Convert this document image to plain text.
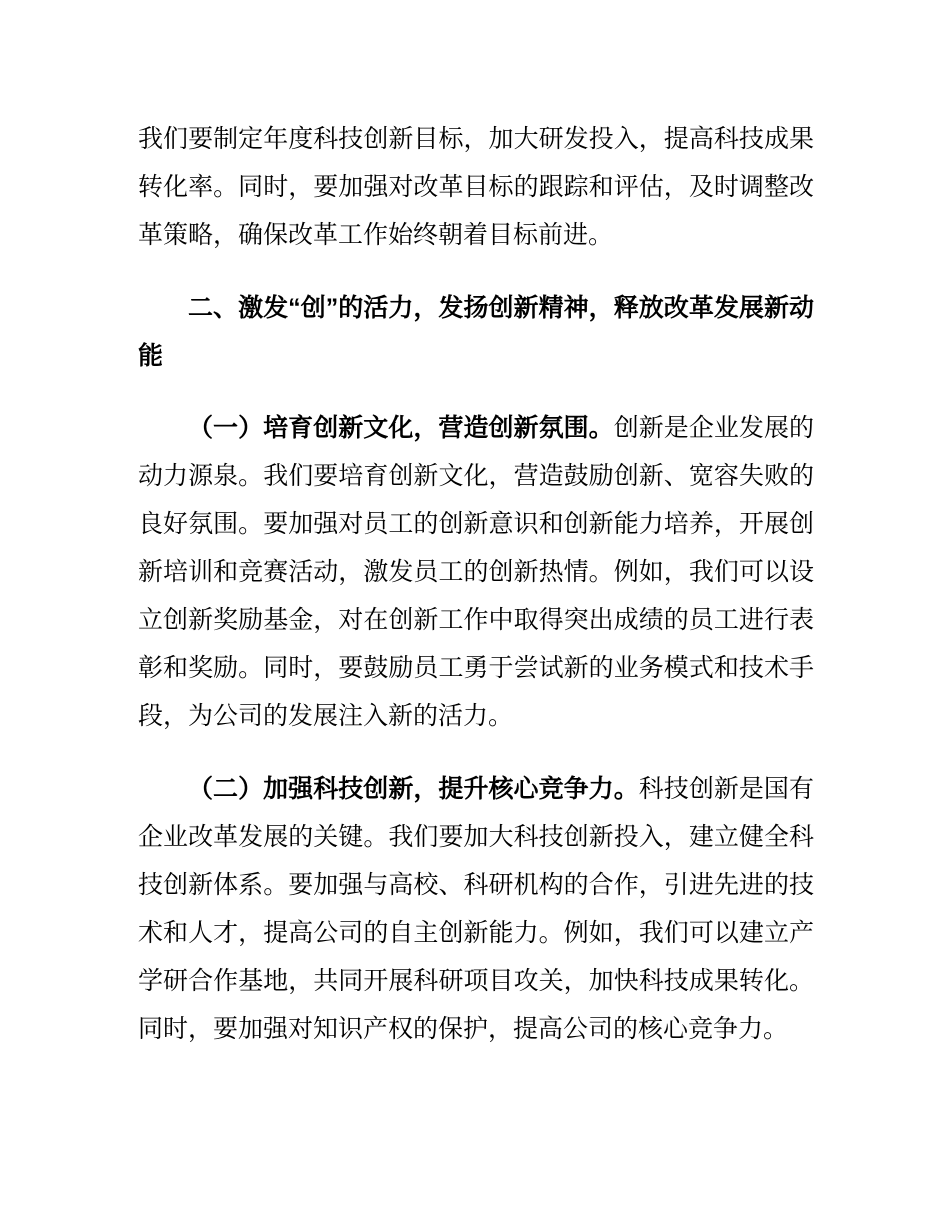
我们要制定年度科技创新目标，加大研发投入，提高科技成果转化率。同时，要加强对改革目标的跟踪和评估，及时调整改革策略，确保改革工作始终朝着目标前进。

二、激发“创”的活力，发扬创新精神，释放改革发展新动能

（一）培育创新文化，营造创新氛围。创新是企业发展的动力源泉。我们要培育创新文化，营造鼓励创新、宽容失败的良好氛围。要加强对员工的创新意识和创新能力培养，开展创新培训和竞赛活动，激发员工的创新热情。例如，我们可以设立创新奖励基金，对在创新工作中取得突出成绩的员工进行表彰和奖励。同时，要鼓励员工勇于尝试新的业务模式和技术手段，为公司的发展注入新的活力。

（二）加强科技创新，提升核心竞争力。科技创新是国有企业改革发展的关键。我们要加大科技创新投入，建立健全科技创新体系。要加强与高校、科研机构的合作，引进先进的技术和人才，提高公司的自主创新能力。例如，我们可以建立产学研合作基地，共同开展科研项目攻关，加快科技成果转化。同时，要加强对知识产权的保护，提高公司的核心竞争力。
